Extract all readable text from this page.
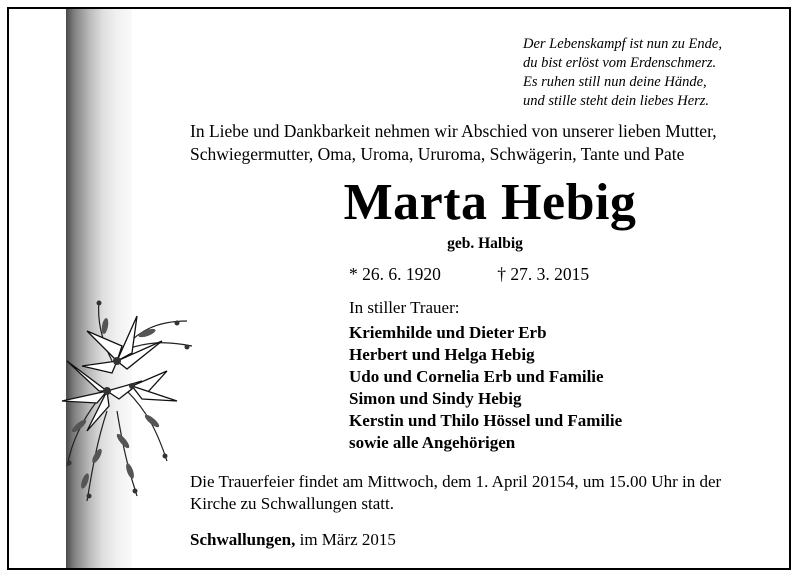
Der Lebenskampf ist nun zu Ende,
du bist erlöst vom Erdenschmerz.
Es ruhen still nun deine Hände,
und stille steht dein liebes Herz.
In Liebe und Dankbarkeit nehmen wir Abschied von unserer lieben Mutter,
Schwiegermutter, Oma, Uroma, Ururoma, Schwägerin, Tante und Pate
Marta Hebig
geb. Halbig
* 26. 6. 1920	† 27. 3. 2015
In stiller Trauer:
Kriemhilde und Dieter Erb
Herbert und Helga Hebig
Udo und Cornelia Erb und Familie
Simon und Sindy Hebig
Kerstin und Thilo Hössel und Familie
sowie alle Angehörigen
Die Trauerfeier findet am Mittwoch, dem 1. April 20154, um 15.00 Uhr in der
Kirche zu Schwallungen statt.
Schwallungen, im März 2015
